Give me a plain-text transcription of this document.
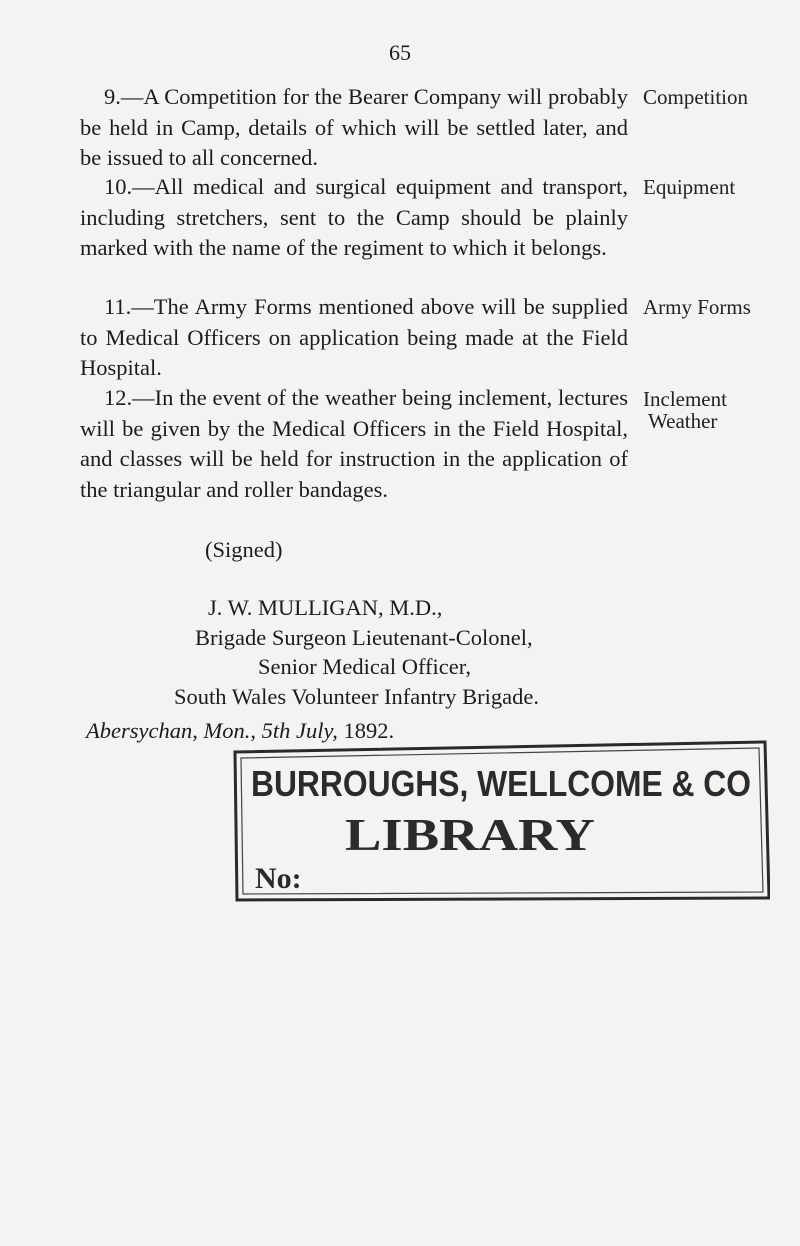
65
9.—A Competition for the Bearer Company will probably be held in Camp, details of which will be settled later, and be issued to all concerned.
Competition
10.—All medical and surgical equipment and transport, including stretchers, sent to the Camp should be plainly marked with the name of the regiment to which it belongs.
Equipment
11.—The Army Forms mentioned above will be supplied to Medical Officers on application being made at the Field Hospital.
Army Forms
12.—In the event of the weather being inclement, lectures will be given by the Medical Officers in the Field Hospital, and classes will be held for instruction in the application of the triangular and roller bandages.
Inclement
Weather
(Signed)
J. W. MULLIGAN, M.D.,
Brigade Surgeon Lieutenant-Colonel,
Senior Medical Officer,
South Wales Volunteer Infantry Brigade.
Abersychan, Mon., 5th July, 1892.
BURROUGHS, WELLCOME & CO
LIBRARY
No:
